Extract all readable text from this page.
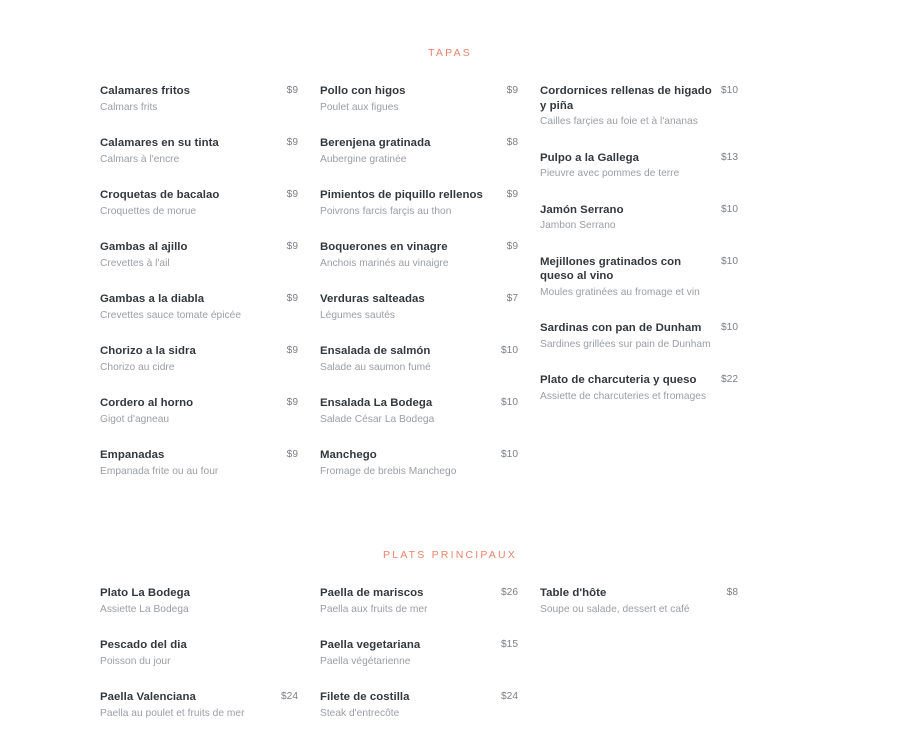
TAPAS
Calamares fritos	$9
Calmars frits
Calamares en su tinta	$9
Calmars à l'encre
Croquetas de bacalao	$9
Croquettes de morue
Gambas al ajillo	$9
Crevettes à l'ail
Gambas a la diabla	$9
Crevettes sauce tomate épicée
Chorizo a la sidra	$9
Chorizo au cidre
Cordero al horno	$9
Gigot d'agneau
Empanadas	$9
Empanada frite ou au four
Pollo con higos	$9
Poulet aux figues
Berenjena gratinada	$8
Aubergine gratinée
Pimientos de piquillo rellenos	$9
Poivrons farcis farçis au thon
Boquerones en vinagre	$9
Anchois marinés au vinaigre
Verduras salteadas	$7
Légumes sautés
Ensalada de salmón	$10
Salade au saumon fumé
Ensalada La Bodega	$10
Salade César La Bodega
Manchego	$10
Fromage de brebis Manchego
Cordornices rellenas de higado y piña
$10
Cailles farçies au foie et à l'ananas
Pulpo a la Gallega	$13
Pieuvre avec pommes de terre
Jamón Serrano	$10
Jambon Serrano
Mejillones gratinados con queso al vino
$10
Moules gratinées au fromage et vin
Sardinas con pan de Dunham	$10
Sardines grillées sur pain de Dunham
Plato de charcuteria y queso	$22
Assiette de charcuteries et fromages
PLATS PRINCIPAUX
Plato La Bodega
Assiette La Bodega
Pescado del dia
Poisson du jour
Paella Valenciana	$24
Paella au poulet et fruits de mer
Paella de mariscos	$26
Paella aux fruits de mer
Paella vegetariana	$15
Paella végétarienne
Filete de costilla	$24
Steak d'entrecôte
Table d'hôte	$8
Soupe ou salade, dessert et café
